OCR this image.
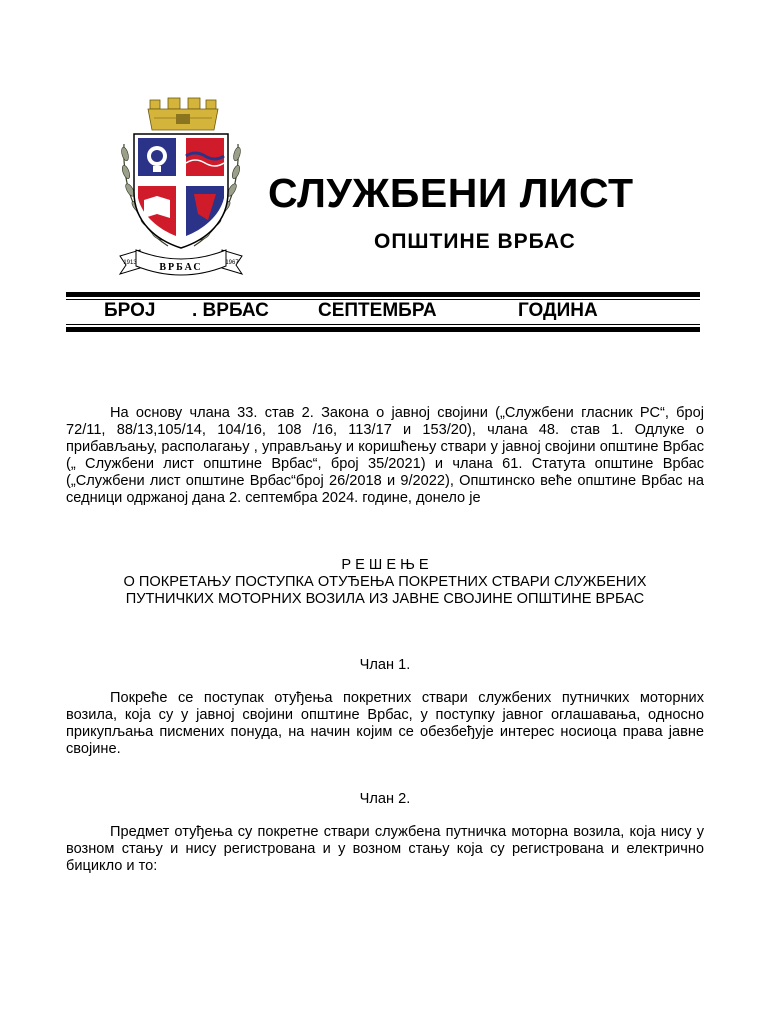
ВРБАС
1913	1967
СЛУЖБЕНИ ЛИСТ
ОПШТИНЕ ВРБАС
БРОЈ . ВРБАС	СЕПТЕМБРА	ГОДИНА

На основу члана 33. став 2. Закона о јавној својини („Службени гласник РС“, број 72/11, 88/13,105/14, 104/16, 108 /16, 113/17 и 153/20), члана 48. став 1. Одлуке о прибављању, располагању , управљању и коришћењу ствари у јавној својини општине Врбас („ Службени лист општине Врбас“, број 35/2021) и члана 61. Статута општине Врбас („Службени лист општине Врбас“број 26/2018 и 9/2022), Општинско веће општине Врбас на седници одржаној дана 2. септембра 2024. године, донело је

Р Е Ш Е Њ Е
О ПОКРЕТАЊУ ПОСТУПКА ОТУЂЕЊА ПОКРЕТНИХ СТВАРИ СЛУЖБЕНИХ
ПУТНИЧКИХ МОТОРНИХ ВОЗИЛА ИЗ ЈАВНЕ СВОЈИНЕ ОПШТИНЕ ВРБАС
Члан 1.

Покреће се поступак отуђења покретних ствари службених путничких моторних возила, која су у јавној својини општине Врбас, у поступку јавног оглашавања, односно прикупљања писмених понуда, на начин којим се обезбеђује интерес носиоца права јавне својине.

Члан 2.

Предмет отуђења су покретне ствари службена путничка моторна возила, која нису у возном стању и нису регистрована и у возном стању која су регистрована и електрично бицикло и то:
